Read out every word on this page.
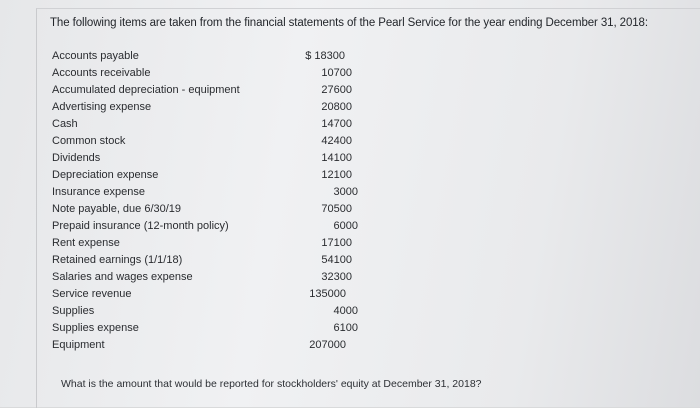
The following items are taken from the financial statements of the Pearl Service for the year ending December 31, 2018:
Accounts payable	$ 18300
Accounts receivable	10700
Accumulated depreciation - equipment	27600
Advertising expense	20800
Cash	14700
Common stock	42400
Dividends	14100
Depreciation expense	12100
Insurance expense	3000
Note payable, due 6/30/19	70500
Prepaid insurance (12-month policy)	6000
Rent expense	17100
Retained earnings (1/1/18)	54100
Salaries and wages expense	32300
Service revenue	135000
Supplies	4000
Supplies expense	6100
Equipment	207000
What is the amount that would be reported for stockholders' equity at December 31, 2018?
